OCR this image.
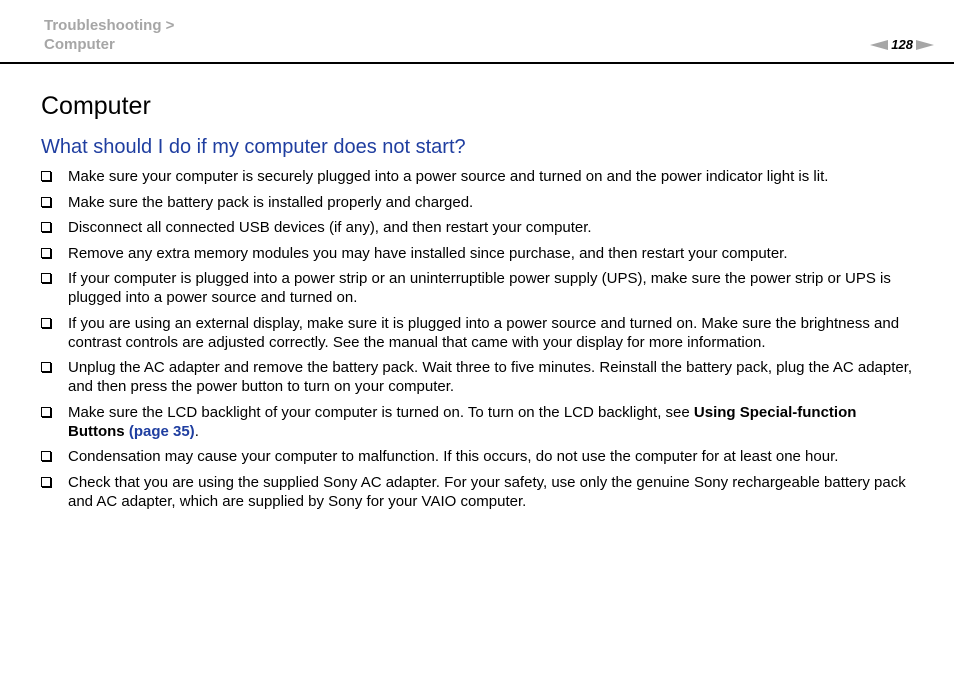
Troubleshooting >
Computer	128
Computer
What should I do if my computer does not start?
Make sure your computer is securely plugged into a power source and turned on and the power indicator light is lit.
Make sure the battery pack is installed properly and charged.
Disconnect all connected USB devices (if any), and then restart your computer.
Remove any extra memory modules you may have installed since purchase, and then restart your computer.
If your computer is plugged into a power strip or an uninterruptible power supply (UPS), make sure the power strip or UPS is plugged into a power source and turned on.
If you are using an external display, make sure it is plugged into a power source and turned on. Make sure the brightness and contrast controls are adjusted correctly. See the manual that came with your display for more information.
Unplug the AC adapter and remove the battery pack. Wait three to five minutes. Reinstall the battery pack, plug the AC adapter, and then press the power button to turn on your computer.
Make sure the LCD backlight of your computer is turned on. To turn on the LCD backlight, see Using Special-function Buttons (page 35).
Condensation may cause your computer to malfunction. If this occurs, do not use the computer for at least one hour.
Check that you are using the supplied Sony AC adapter. For your safety, use only the genuine Sony rechargeable battery pack and AC adapter, which are supplied by Sony for your VAIO computer.
